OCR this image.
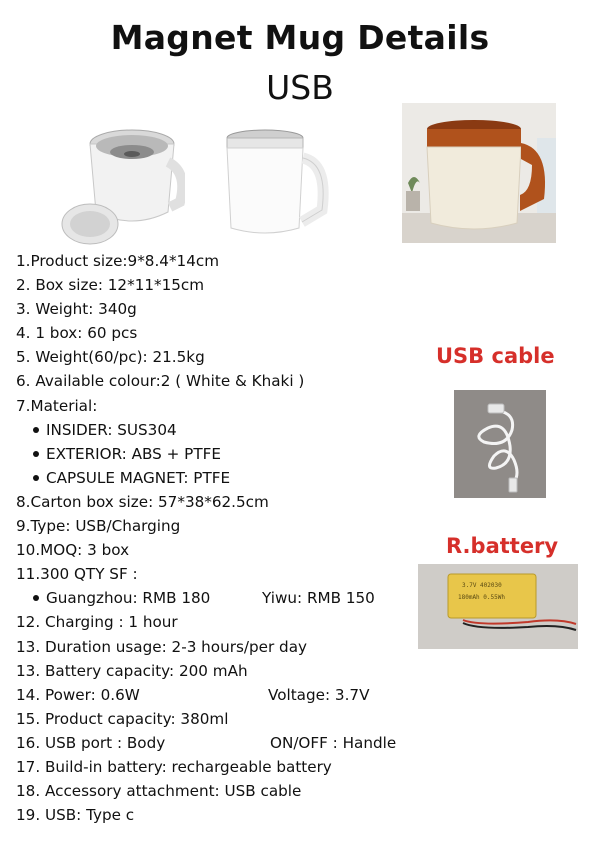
Magnet Mug Details
USB
1.Product size:9*8.4*14cm
2. Box size: 12*11*15cm
3. Weight: 340g
4. 1 box: 60 pcs
5. Weight(60/pc): 21.5kg
6. Available colour:2 ( White & Khaki )
7.Material:
INSIDER: SUS304
EXTERIOR: ABS + PTFE
CAPSULE MAGNET: PTFE
8.Carton box size: 57*38*62.5cm
9.Type: USB/Charging
10.MOQ: 3 box
11.300 QTY SF :
Guangzhou: RMB 180	Yiwu: RMB 150
12. Charging : 1 hour
13. Duration usage: 2-3 hours/per day
13. Battery capacity: 200 mAh
14. Power: 0.6W	Voltage: 3.7V
15. Product capacity: 380ml
16. USB port : Body	ON/OFF : Handle
17. Build-in battery: rechargeable battery
18. Accessory attachment: USB cable
19. USB: Type c
USB cable
R.battery
3.7V 402030
180mAh 0.55Wh
